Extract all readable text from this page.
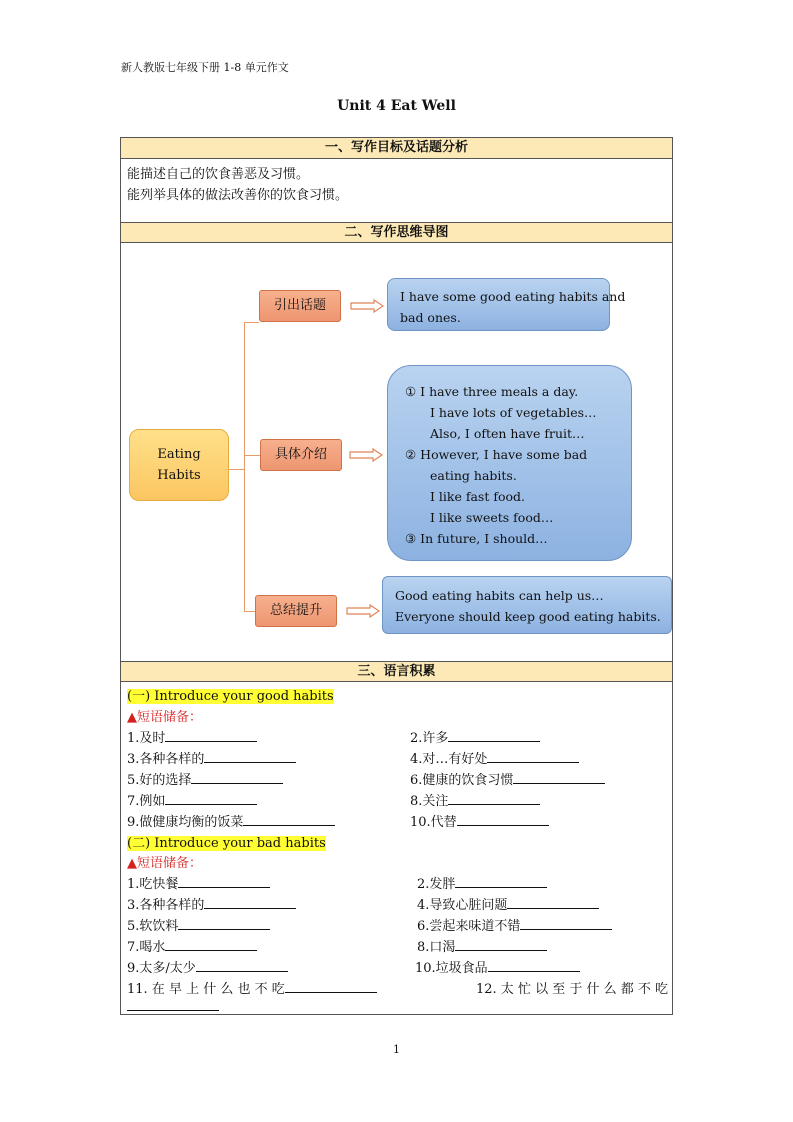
新人教版七年级下册 1-8 单元作文
Unit 4 Eat Well
一、写作目标及话题分析
能描述自己的饮食善恶及习惯。
能列举具体的做法改善你的饮食习惯。
二、写作思维导图
Eating
Habits
引出话题
I have some good eating habits and
bad ones.
具体介绍
① I have three meals a day.
I have lots of vegetables…
Also, I often have fruit…
② However, I have some bad
eating habits.
I like fast food.
I like sweets food…
③ In future, I should…
总结提升
Good eating habits can help us…
Everyone should keep good eating habits.
三、语言积累
(一) Introduce your good habits
▲短语储备：
1.及时	2.许多
3.各种各样的	4.对…有好处
5.好的选择	6.健康的饮食习惯
7.例如	8.关注
9.做健康均衡的饭菜	10.代替
(二) Introduce your bad habits
▲短语储备：
1.吃快餐	2.发胖
3.各种各样的	4.导致心脏问题
5.软饮料	6.尝起来味道不错
7.喝水	8.口渴
9.太多/太少	10.垃圾食品
11. 在 早 上 什 么 也 不 吃	12. 太 忙 以 至 于 什 么 都 不 吃
1
